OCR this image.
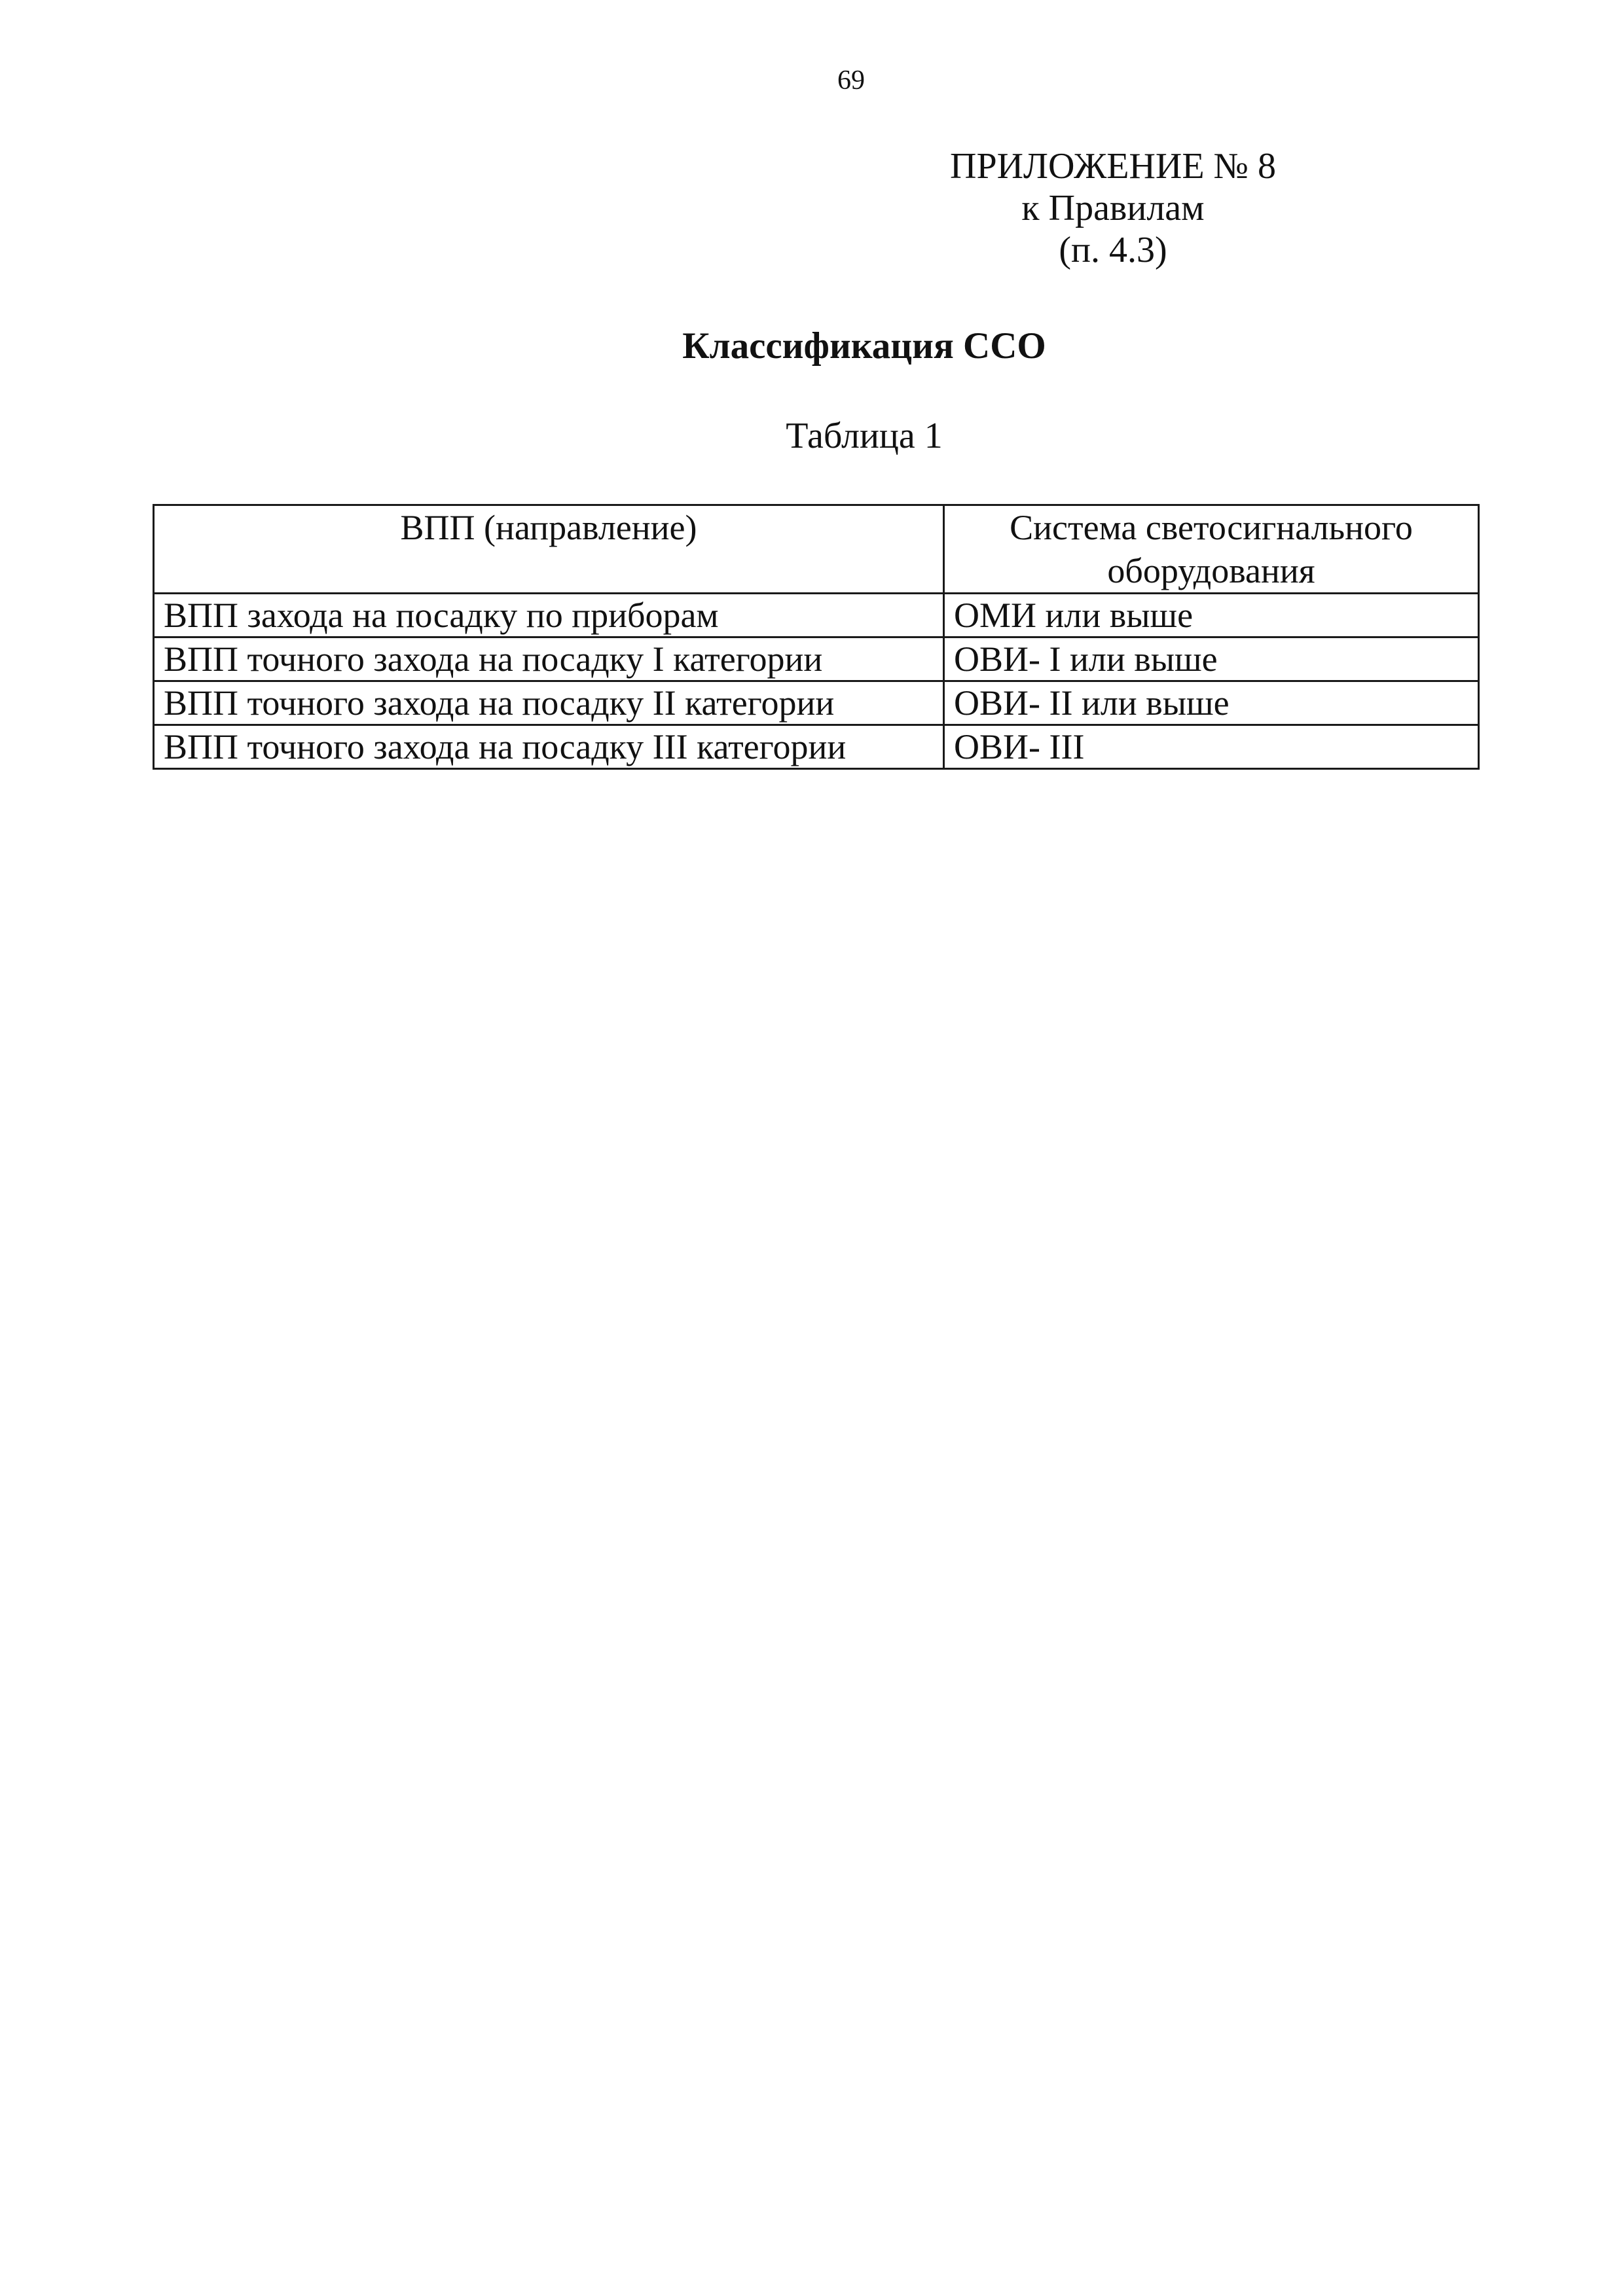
69
ПРИЛОЖЕНИЕ № 8
к Правилам
(п. 4.3)
Классификация ССО
Таблица 1
ВПП (направление)	Система светосигнального
оборудования

ВПП захода на посадку по приборам	ОМИ или выше
ВПП точного захода на посадку I категории	ОВИ- I или выше
ВПП точного захода на посадку II категории	ОВИ- II или выше
ВПП точного захода на посадку III категории	ОВИ- III
